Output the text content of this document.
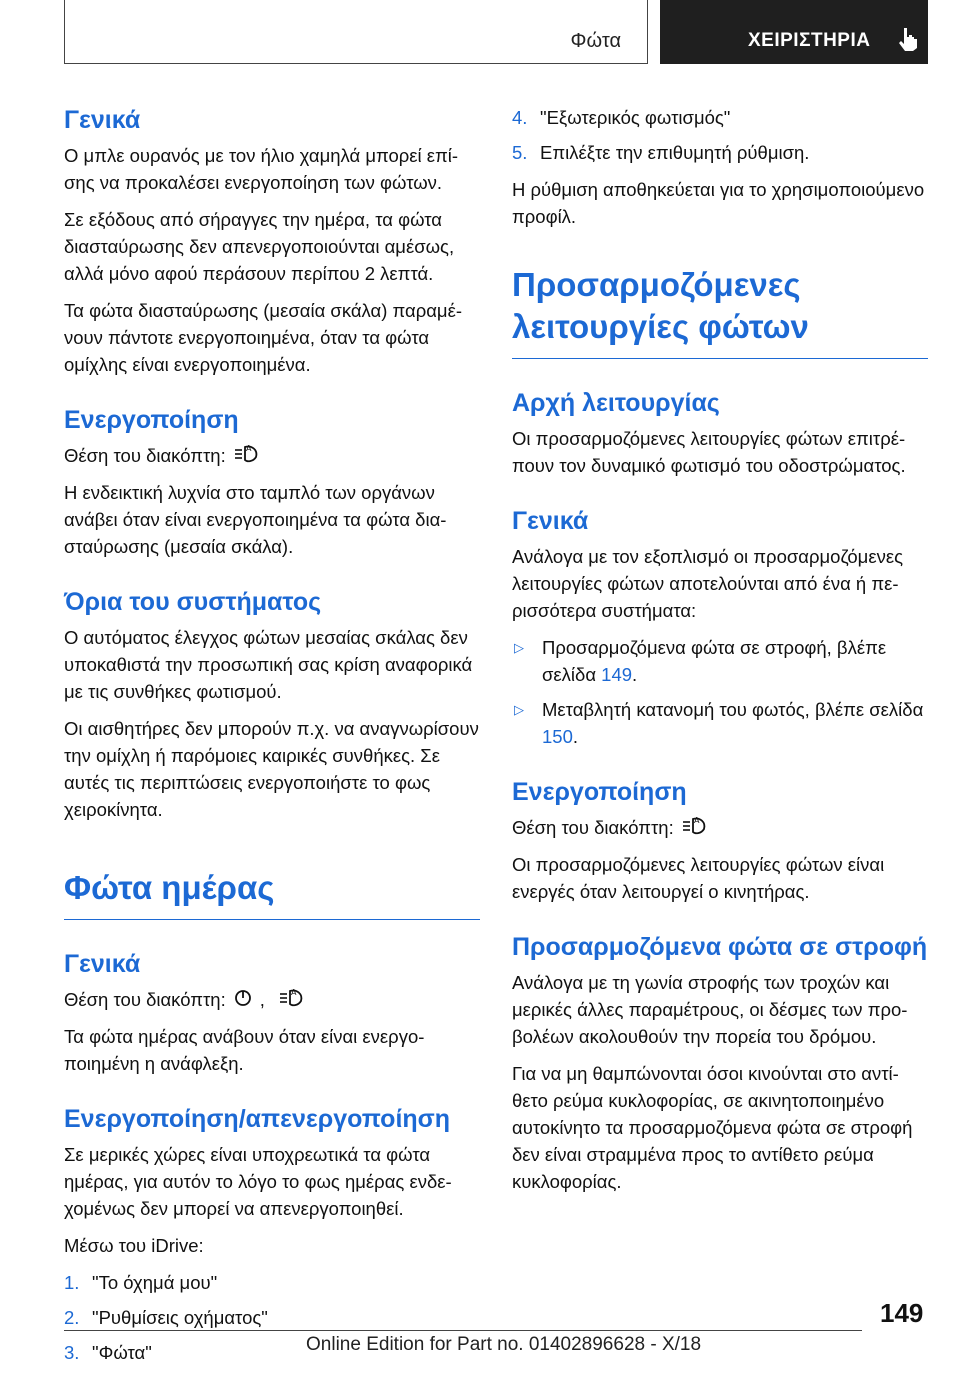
Φώτα	ΧΕΙΡΙΣΤΗΡΙΑ
Γενικά

Ο μπλε ουρανός με τον ήλιο χαμηλά μπορεί επίσης να προκαλέσει ενεργοποίηση των φώτων.

Σε εξόδους από σήραγγες την ημέρα, τα φώτα διασταύρωσης δεν απενεργοποιούνται αμέσως, αλλά μόνο αφού περάσουν περίπου 2 λεπτά.

Τα φώτα διασταύρωσης (μεσαία σκάλα) παραμένουν πάντοτε ενεργοποιημένα, όταν τα φώτα ομίχλης είναι ενεργοποιημένα.

Ενεργοποίηση

Θέση του διακόπτη:	A

Η ενδεικτική λυχνία στο ταμπλό των οργάνων ανάβει όταν είναι ενεργοποιημένα τα φώτα διασταύρωσης (μεσαία σκάλα).

Όρια του συστήματος

Ο αυτόματος έλεγχος φώτων μεσαίας σκάλας δεν υποκαθιστά την προσωπική σας κρίση αναφορικά με τις συνθήκες φωτισμού.

Οι αισθητήρες δεν μπορούν π.χ. να αναγνωρίσουν την ομίχλη ή παρόμοιες καιρικές συνθήκες. Σε αυτές τις περιπτώσεις ενεργοποιήστε το φως χειροκίνητα.

Φώτα ημέρας
Γενικά

Θέση του διακόπτη: ,	A

Τα φώτα ημέρας ανάβουν όταν είναι ενεργοποιημένη η ανάφλεξη.

Ενεργοποίηση/απενεργοποίηση

Σε μερικές χώρες είναι υποχρεωτικά τα φώτα ημέρας, για αυτόν το λόγο το φως ημέρας ενδεχομένως δεν μπορεί να απενεργοποιηθεί.

Μέσω του iDrive:

1. "Το όχημά μου"
2. "Ρυθμίσεις οχήματος"
3. "Φώτα"
4. "Εξωτερικός φωτισμός"
5. Επιλέξτε την επιθυμητή ρύθμιση.

Η ρύθμιση αποθηκεύεται για το χρησιμοποιούμενο προφίλ.

Προσαρμοζόμενες λειτουργίες φώτων
Αρχή λειτουργίας

Οι προσαρμοζόμενες λειτουργίες φώτων επιτρέπουν τον δυναμικό φωτισμό του οδοστρώματος.

Γενικά

Ανάλογα με τον εξοπλισμό οι προσαρμοζόμενες λειτουργίες φώτων αποτελούνται από ένα ή περισσότερα συστήματα:

▷ Προσαρμοζόμενα φώτα σε στροφή, βλέπε σελίδα 149.
▷ Μεταβλητή κατανομή του φωτός, βλέπε σελίδα 150.
Ενεργοποίηση

Θέση του διακόπτη:	A

Οι προσαρμοζόμενες λειτουργίες φώτων είναι ενεργές όταν λειτουργεί ο κινητήρας.

Προσαρμοζόμενα φώτα σε στροφή

Ανάλογα με τη γωνία στροφής των τροχών και μερικές άλλες παραμέτρους, οι δέσμες των προβολέων ακολουθούν την πορεία του δρόμου.

Για να μη θαμπώνονται όσοι κινούνται στο αντίθετο ρεύμα κυκλοφορίας, σε ακινητοποιημένο αυτοκίνητο τα προσαρμοζόμενα φώτα σε στροφή δεν είναι στραμμένα προς το αντίθετο ρεύμα κυκλοφορίας.

149
Online Edition for Part no. 01402896628 - X/18
